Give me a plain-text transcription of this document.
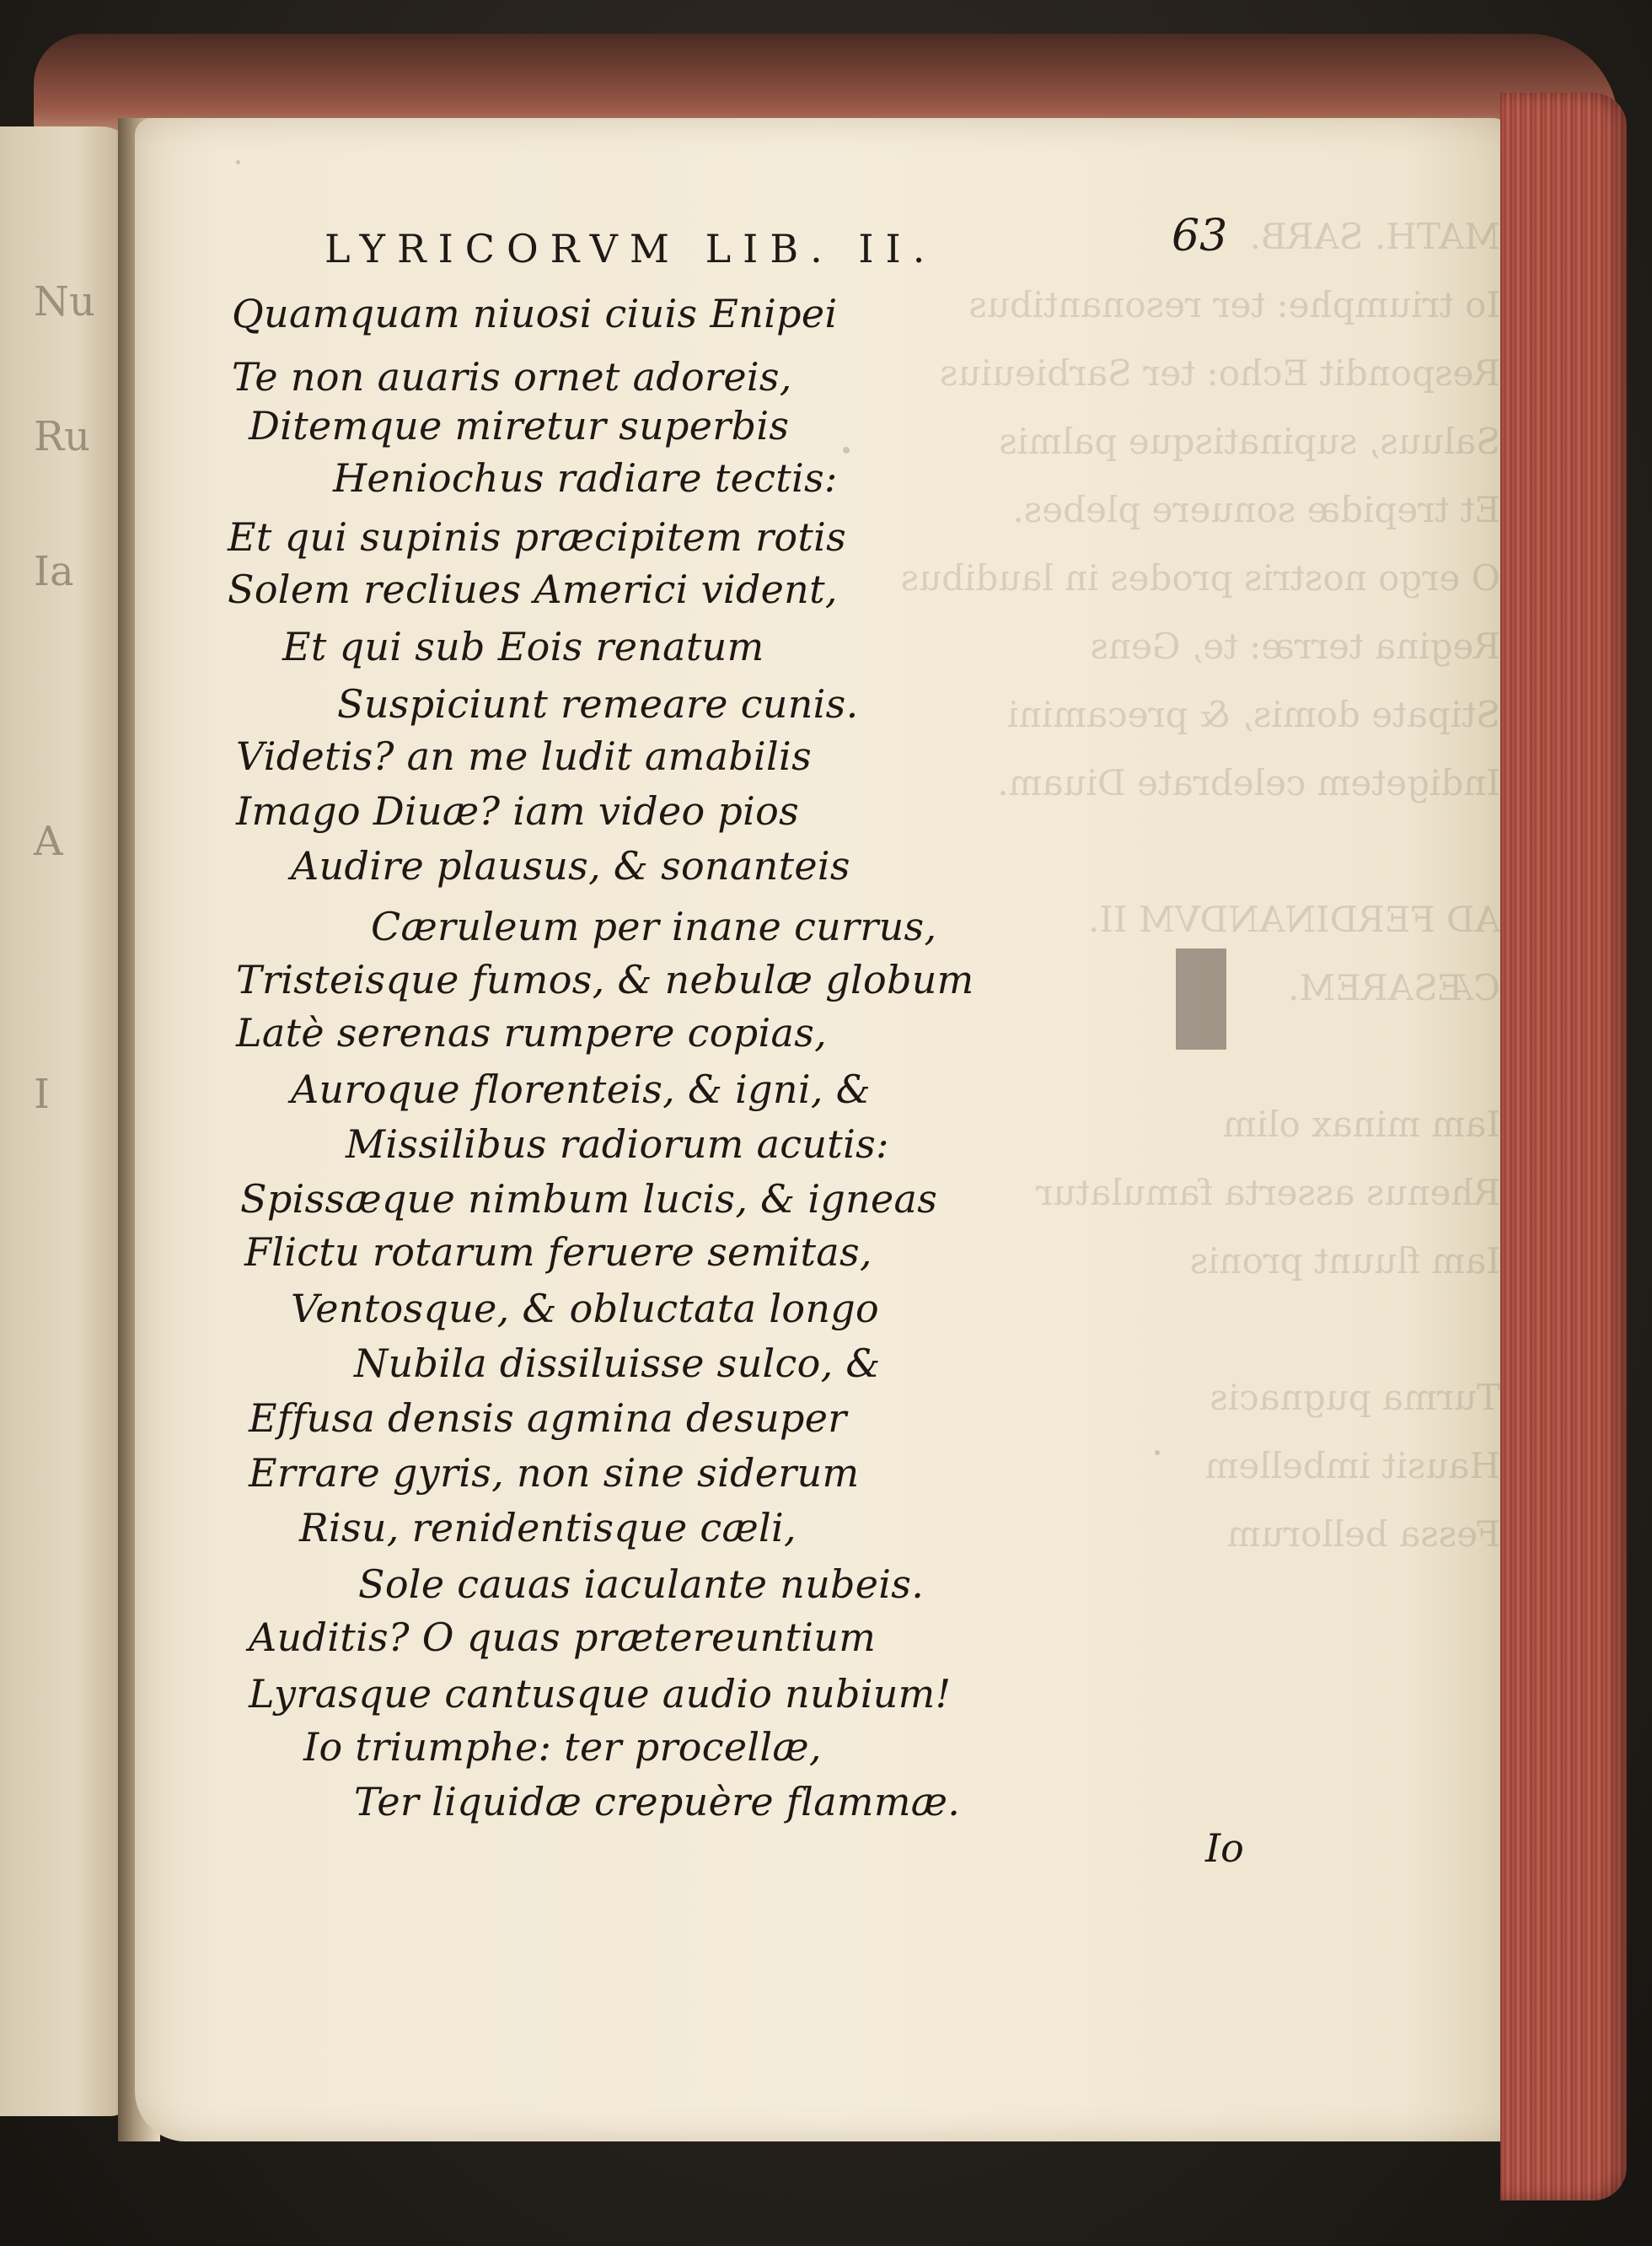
Nu
Ru
Ia
A
I
MATH. SARB.
Io triumphe: ter resonantibus
Respondit Echo: ter Sarbieuius
Saluus, supinatisque palmis
Et trepidæ sonuere plebes.
O ergo nostris prodes in laudibus
Regina terræ: te, Gens
Stipate domis, & precamini
Indigetem celebrate Diuam.

AD FERDINANDVM II.
CÆSAREM.

Iam minax olim
Rhenus asserta famulatur
Iam fluunt pronis

Turma pugnacis
Hausit imbellem
Fessa bellorum

LYRICORVM LIB. II.	63
Quamquam niuosi ciuis Enipei
Te non auaris ornet adoreis,
Ditemque miretur superbis
Heniochus radiare tectis:
Et qui supinis præcipitem rotis
Solem recliues Americi vident,
Et qui sub Eois renatum
Suspiciunt remeare cunis.
Videtis? an me ludit amabilis
Imago Diuæ? iam video pios
Audire plausus, & sonanteis
Cæruleum per inane currus,
Tristeisque fumos, & nebulæ globum
Latè serenas rumpere copias,
Auroque florenteis, & igni, &
Missilibus radiorum acutis:
Spissæque nimbum lucis, & igneas
Flictu rotarum feruere semitas,
Ventosque, & obluctata longo
Nubila dissiluisse sulco, &
Effusa densis agmina desuper
Errare gyris, non sine siderum
Risu, renidentisque cæli,
Sole cauas iaculante nubeis.
Auditis? O quas prætereuntium
Lyrasque cantusque audio nubium!
Io triumphe: ter procellæ,
Ter liquidæ crepuère flammæ.
Io
